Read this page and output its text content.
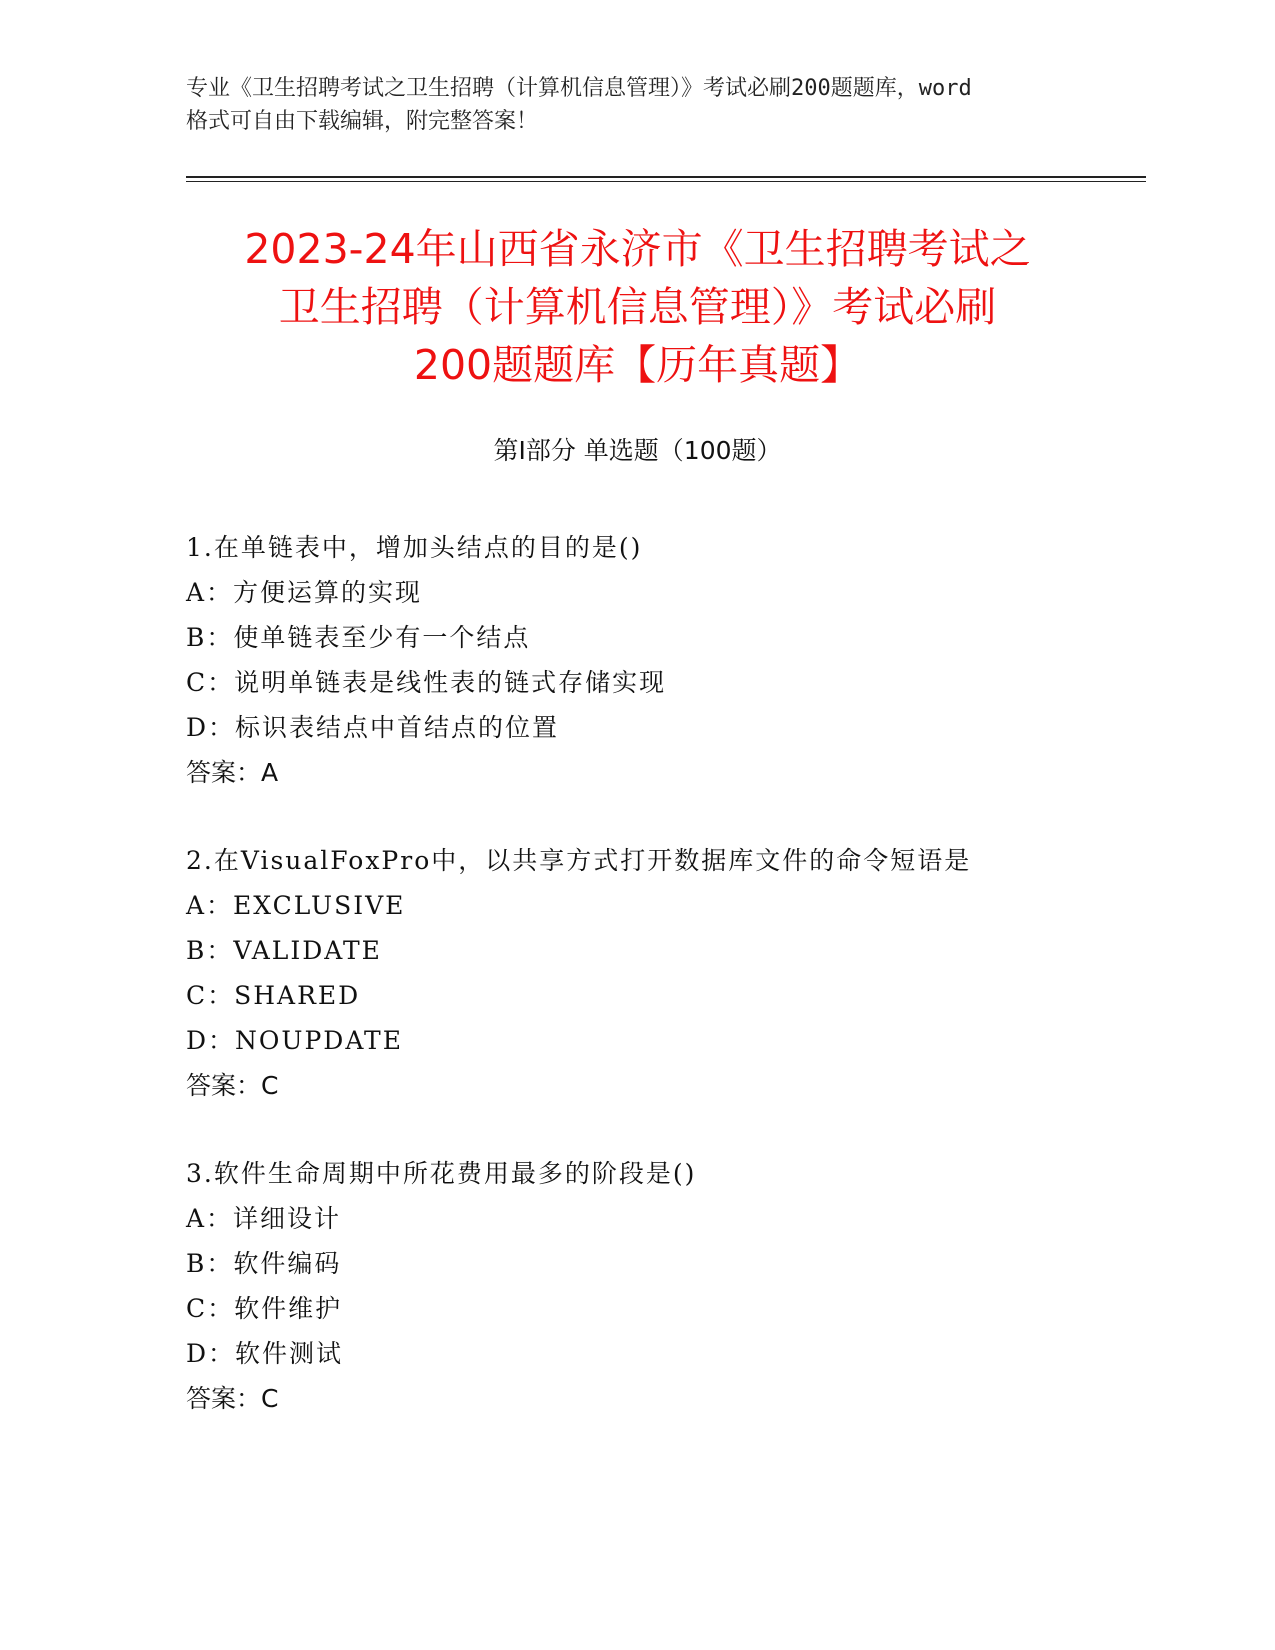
专业《卫生招聘考试之卫生招聘（计算机信息管理）》考试必刷200题题库，word
格式可自由下载编辑，附完整答案！
2023-24年山西省永济市《卫生招聘考试之
卫生招聘（计算机信息管理）》考试必刷
200题题库【历年真题】
第I部分 单选题（100题）
1.在单链表中，增加头结点的目的是()
A：方便运算的实现
B：使单链表至少有一个结点
C：说明单链表是线性表的链式存储实现
D：标识表结点中首结点的位置
答案：A
2.在VisualFoxPro中，以共享方式打开数据库文件的命令短语是
A：EXCLUSIVE
B：VALIDATE
C：SHARED
D：NOUPDATE
答案：C
3.软件生命周期中所花费用最多的阶段是()
A：详细设计
B：软件编码
C：软件维护
D：软件测试
答案：C
